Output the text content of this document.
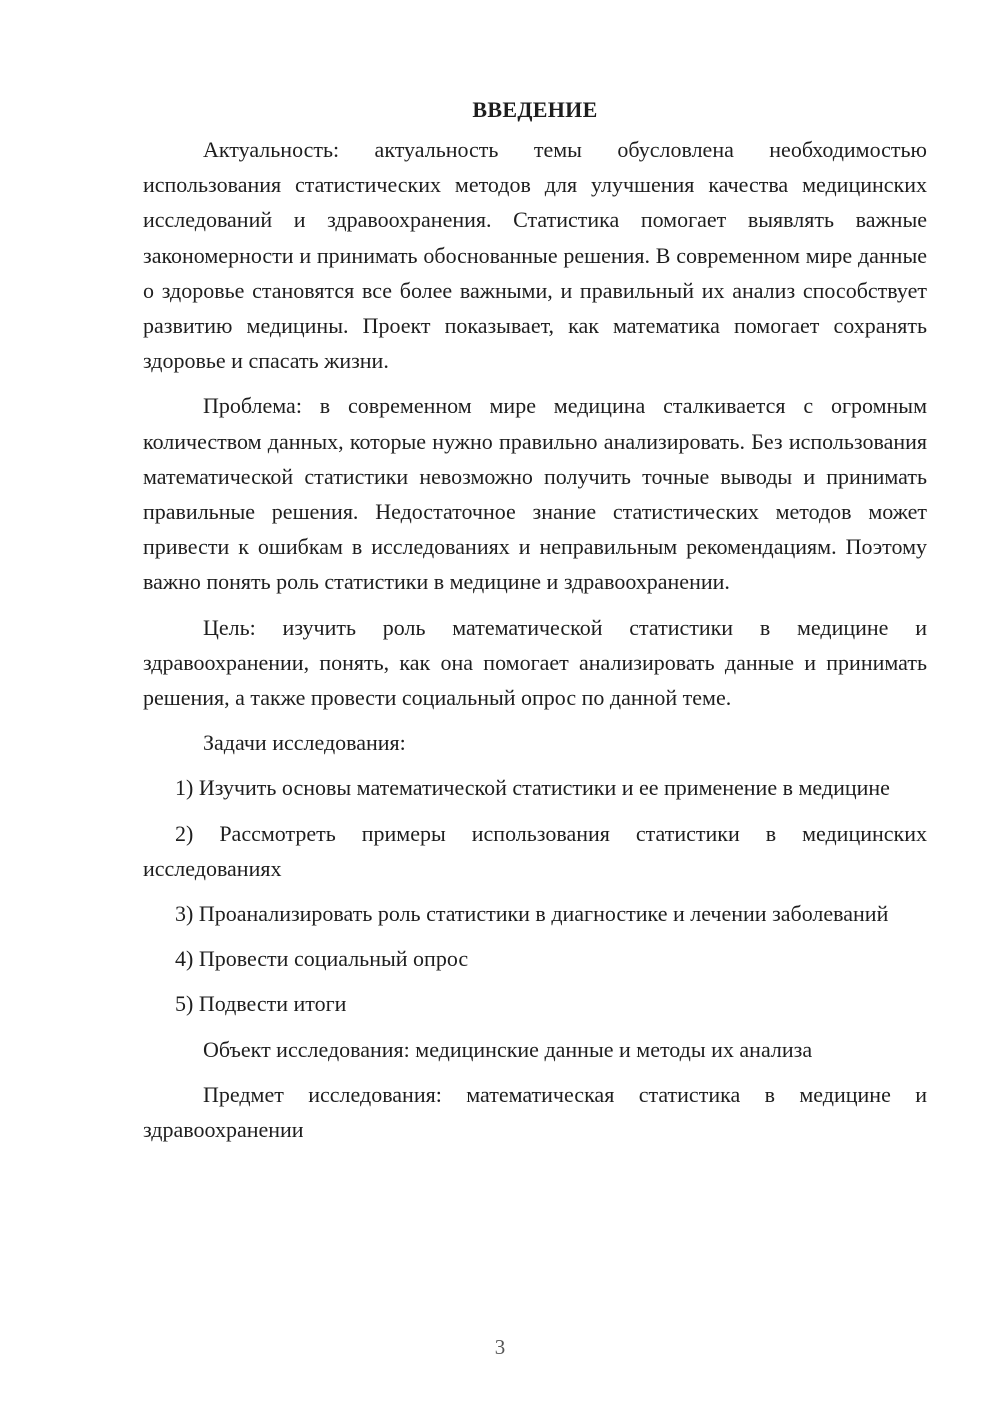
ВВЕДЕНИЕ

Актуальность: актуальность темы обусловлена необходимостью использования статистических методов для улучшения качества медицинских исследований и здравоохранения. Статистика помогает выявлять важные закономерности и принимать обоснованные решения. В современном мире данные о здоровье становятся все более важными, и правильный их анализ способствует развитию медицины. Проект показывает, как математика помогает сохранять здоровье и спасать жизни.

Проблема: в современном мире медицина сталкивается с огромным количеством данных, которые нужно правильно анализировать. Без использования математической статистики невозможно получить точные выводы и принимать правильные решения. Недостаточное знание статистических методов может привести к ошибкам в исследованиях и неправильным рекомендациям. Поэтому важно понять роль статистики в медицине и здравоохранении.

Цель: изучить роль математической статистики в медицине и здравоохранении, понять, как она помогает анализировать данные и принимать решения, а также провести социальный опрос по данной теме.

Задачи исследования:

1) Изучить основы математической статистики и ее применение в медицине

2) Рассмотреть примеры использования статистики в медицинских исследованиях

3) Проанализировать роль статистики в диагностике и лечении заболеваний

4) Провести социальный опрос

5) Подвести итоги

Объект исследования: медицинские данные и методы их анализа

Предмет исследования: математическая статистика в медицине и здравоохранении

3
